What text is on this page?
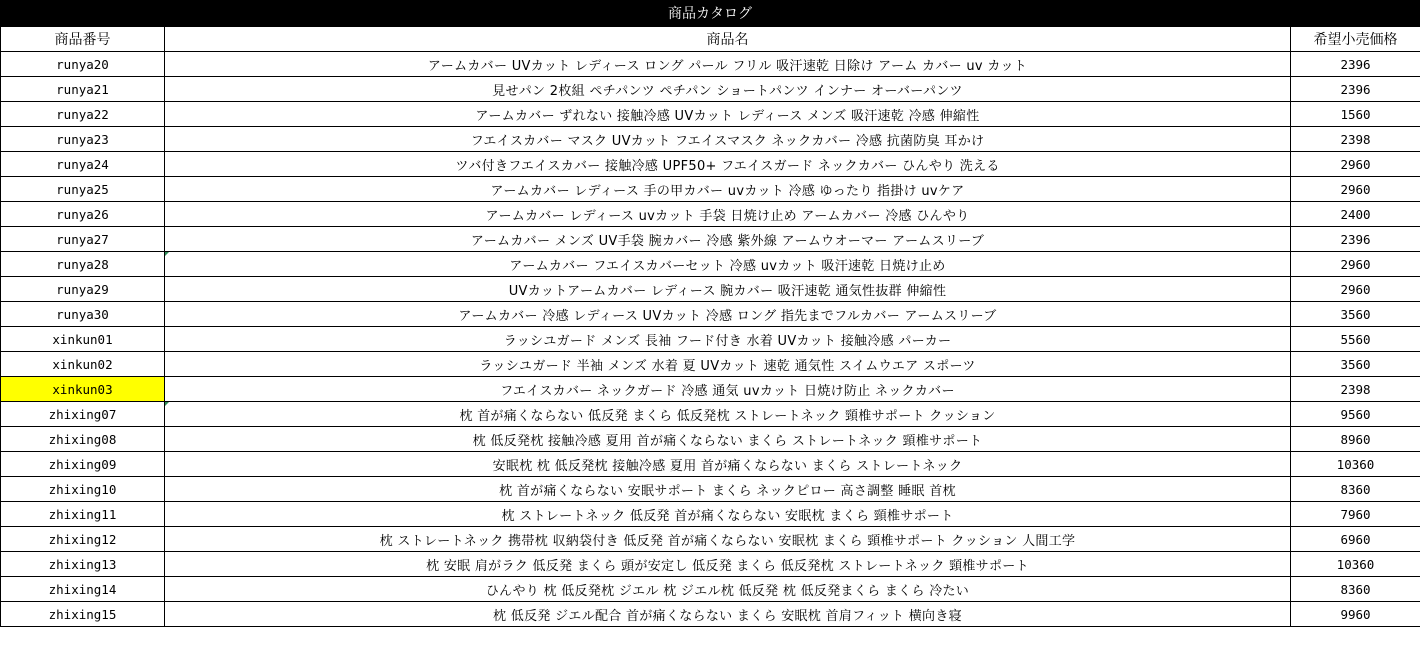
商品カタログ
商品番号	商品名	希望小売価格
runya20	アームカバー UVカット レディース ロング パール フリル 吸汗速乾 日除け アーム カバー uv カット	2396
runya21	見せパン 2枚組 ペチパンツ ペチパン ショートパンツ インナー オーバーパンツ	2396
runya22	アームカバー ずれない 接触冷感 UVカット レディース メンズ 吸汗速乾 冷感 伸縮性	1560
runya23	フエイスカバー マスク UVカット フエイスマスク ネックカバー 冷感 抗菌防臭 耳かけ	2398
runya24	ツバ付きフエイスカバー 接触冷感 UPF50+ フエイスガード ネックカバー ひんやり 洗える	2960
runya25	アームカバー レディース 手の甲カバー uvカット 冷感 ゆったり 指掛け uvケア	2960
runya26	アームカバー レディース uvカット 手袋 日焼け止め アームカバー 冷感 ひんやり	2400
runya27	アームカバー メンズ UV手袋 腕カバー 冷感 紫外線 アームウオーマー アームスリーブ	2396
runya28	アームカバー フエイスカバーセット 冷感 uvカット 吸汗速乾 日焼け止め	2960
runya29	UVカットアームカバー レディース 腕カバー 吸汗速乾 通気性抜群 伸縮性	2960
runya30	アームカバー 冷感 レディース UVカット 冷感 ロング 指先までフルカバー アームスリーブ	3560
xinkun01	ラッシユガード メンズ 長袖 フード付き 水着 UVカット 接触冷感 パーカー	5560
xinkun02	ラッシユガード 半袖 メンズ 水着 夏 UVカット 速乾 通気性 スイムウエア スポーツ	3560
xinkun03	フエイスカバー ネックガード 冷感 通気 uvカット 日焼け防止 ネックカバー	2398
zhixing07	枕 首が痛くならない 低反発 まくら 低反発枕 ストレートネック 頸椎サポート クッション	9560
zhixing08	枕 低反発枕 接触冷感 夏用 首が痛くならない まくら ストレートネック 頸椎サポート	8960
zhixing09	安眠枕 枕 低反発枕 接触冷感 夏用 首が痛くならない まくら ストレートネック	10360
zhixing10	枕 首が痛くならない 安眠サポート まくら ネックピロー 高さ調整 睡眠 首枕	8360
zhixing11	枕 ストレートネック 低反発 首が痛くならない 安眠枕 まくら 頸椎サポート	7960
zhixing12	枕 ストレートネック 携帯枕 収納袋付き 低反発 首が痛くならない 安眠枕 まくら 頸椎サポート クッション 人間工学	6960
zhixing13	枕 安眠 肩がラク 低反発 まくら 頭が安定し 低反発 まくら 低反発枕 ストレートネック 頸椎サポート	10360
zhixing14	ひんやり 枕 低反発枕 ジエル 枕 ジエル枕 低反発 枕 低反発まくら まくら 冷たい	8360
zhixing15	枕 低反発 ジエル配合 首が痛くならない まくら 安眠枕 首肩フィット 横向き寝	9960
